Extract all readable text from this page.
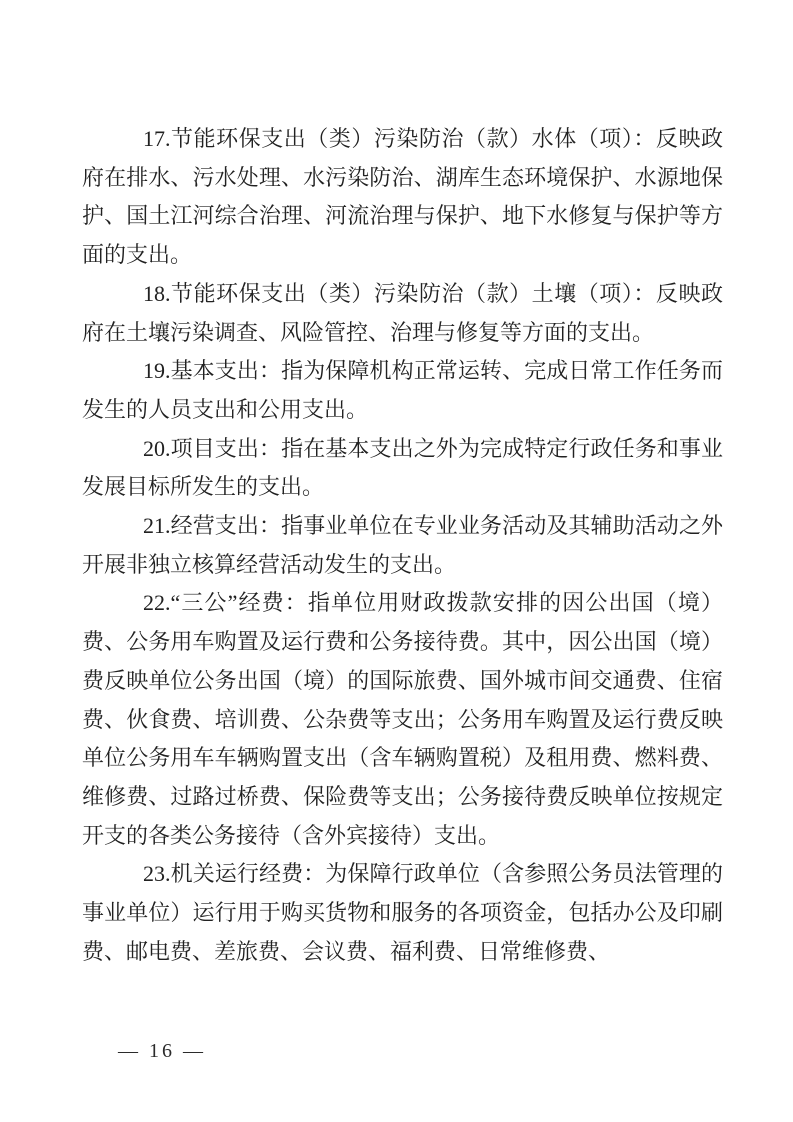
17.节能环保支出（类）污染防治（款）水体（项）：反映政府在排水、污水处理、水污染防治、湖库生态环境保护、水源地保护、国土江河综合治理、河流治理与保护、地下水修复与保护等方面的支出。

18.节能环保支出（类）污染防治（款）土壤（项）：反映政府在土壤污染调查、风险管控、治理与修复等方面的支出。

19.基本支出：指为保障机构正常运转、完成日常工作任务而发生的人员支出和公用支出。

20.项目支出：指在基本支出之外为完成特定行政任务和事业发展目标所发生的支出。

21.经营支出：指事业单位在专业业务活动及其辅助活动之外开展非独立核算经营活动发生的支出。

22.“三公”经费：指单位用财政拨款安排的因公出国（境）费、公务用车购置及运行费和公务接待费。其中，因公出国（境）费反映单位公务出国（境）的国际旅费、国外城市间交通费、住宿费、伙食费、培训费、公杂费等支出；公务用车购置及运行费反映单位公务用车车辆购置支出（含车辆购置税）及租用费、燃料费、维修费、过路过桥费、保险费等支出；公务接待费反映单位按规定开支的各类公务接待（含外宾接待）支出。

23.机关运行经费：为保障行政单位（含参照公务员法管理的事业单位）运行用于购买货物和服务的各项资金，包括办公及印刷费、邮电费、差旅费、会议费、福利费、日常维修费、

— 16 —
